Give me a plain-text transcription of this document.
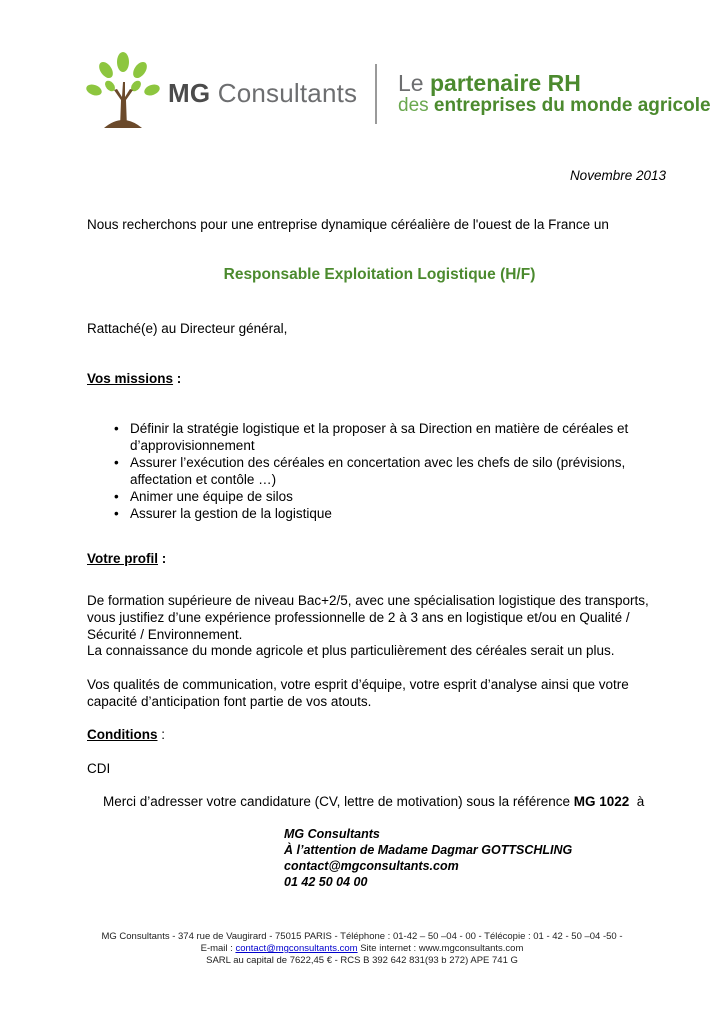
MG Consultants Le partenaire RH
des entreprises du monde agricole
Novembre 2013
Nous recherchons pour une entreprise dynamique céréalière de l'ouest de la France un
Responsable Exploitation Logistique (H/F)
Rattaché(e) au Directeur général,
Vos missions :
• Définir la stratégie logistique et la proposer à sa Direction en matière de céréales et d’approvisionnement
• Assurer l’exécution des céréales en concertation avec les chefs de silo (prévisions, affectation et contôle …)
• Animer une équipe de silos
• Assurer la gestion de la logistique
Votre profil :
De formation supérieure de niveau Bac+2/5, avec une spécialisation logistique des transports, vous justifiez d’une expérience professionnelle de 2 à 3 ans en logistique et/ou en Qualité / Sécurité / Environnement.
La connaissance du monde agricole et plus particulièrement des céréales serait un plus.
Vos qualités de communication, votre esprit d’équipe, votre esprit d’analyse ainsi que votre capacité d’anticipation font partie de vos atouts.
Conditions :
CDI
Merci d’adresser votre candidature (CV, lettre de motivation) sous la référence MG 1022  à
MG Consultants
À l’attention de Madame Dagmar GOTTSCHLING
contact@mgconsultants.com
01 42 50 04 00
MG Consultants - 374 rue de Vaugirard - 75015 PARIS - Téléphone : 01-42 – 50 –04 - 00 - Télécopie : 01 - 42 - 50 –04 -50 -
E-mail : contact@mgconsultants.com Site internet : www.mgconsultants.com
SARL au capital de 7622,45 € - RCS B 392 642 831(93 b 272) APE 741 G
